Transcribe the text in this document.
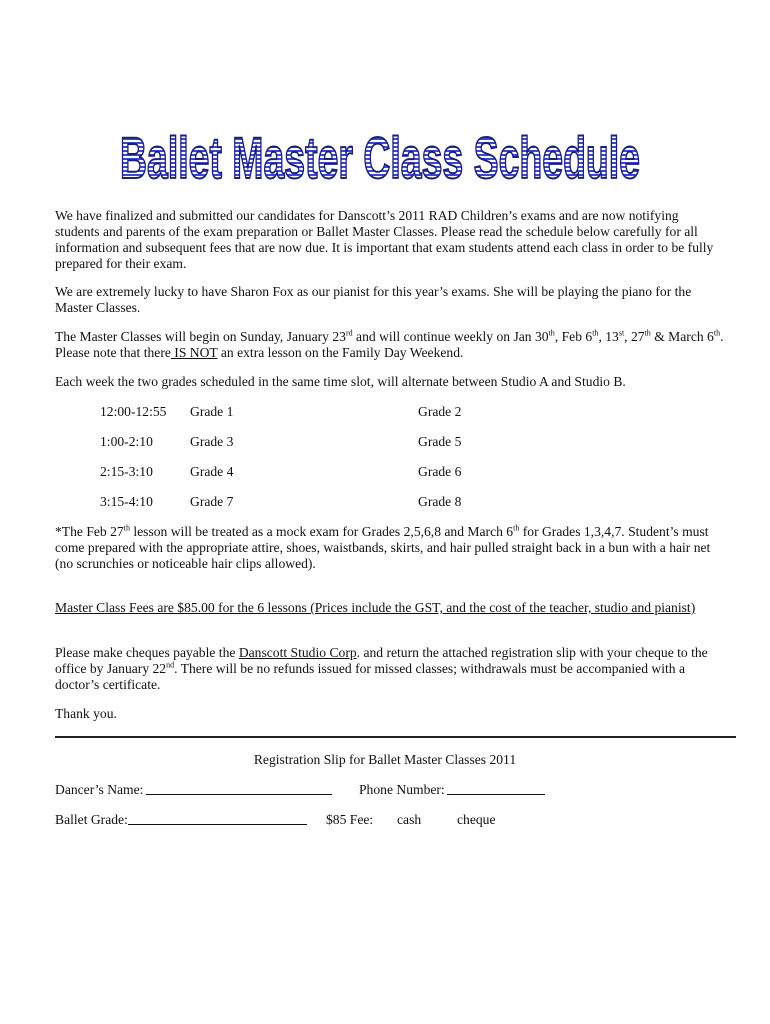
Ballet Master Class Schedule

We have finalized and submitted our candidates for Danscott’s 2011 RAD Children’s exams and are now notifying students and parents of the exam preparation or Ballet Master Classes. Please read the schedule below carefully for all information and subsequent fees that are now due. It is important that exam students attend each class in order to be fully prepared for their exam.

We are extremely lucky to have Sharon Fox as our pianist for this year’s exams. She will be playing the piano for the Master Classes.

The Master Classes will begin on Sunday, January 23rd and will continue weekly on Jan 30th, Feb 6th, 13st, 27th & March 6th. Please note that there IS NOT an extra lesson on the Family Day Weekend.

Each week the two grades scheduled in the same time slot, will alternate between Studio A and Studio B.

12:00-12:55 Grade 1	Grade 2
1:00-2:10	Grade 3	Grade 5
2:15-3:10	Grade 4	Grade 6
3:15-4:10	Grade 7	Grade 8

*The Feb 27th lesson will be treated as a mock exam for Grades 2,5,6,8 and March 6th for Grades 1,3,4,7. Student’s must come prepared with the appropriate attire, shoes, waistbands, skirts, and hair pulled straight back in a bun with a hair net (no scrunchies or noticeable hair clips allowed).

Master Class Fees are $85.00 for the 6 lessons (Prices include the GST, and the cost of the teacher, studio and pianist)

Please make cheques payable the Danscott Studio Corp. and return the attached registration slip with your cheque to the office by January 22nd. There will be no refunds issued for missed classes; withdrawals must be accompanied with a doctor’s certificate.

Thank you.

Registration Slip for Ballet Master Classes 2011
Dancer’s Name:	Phone Number:
Ballet Grade:	$85 Fee: cash	cheque
